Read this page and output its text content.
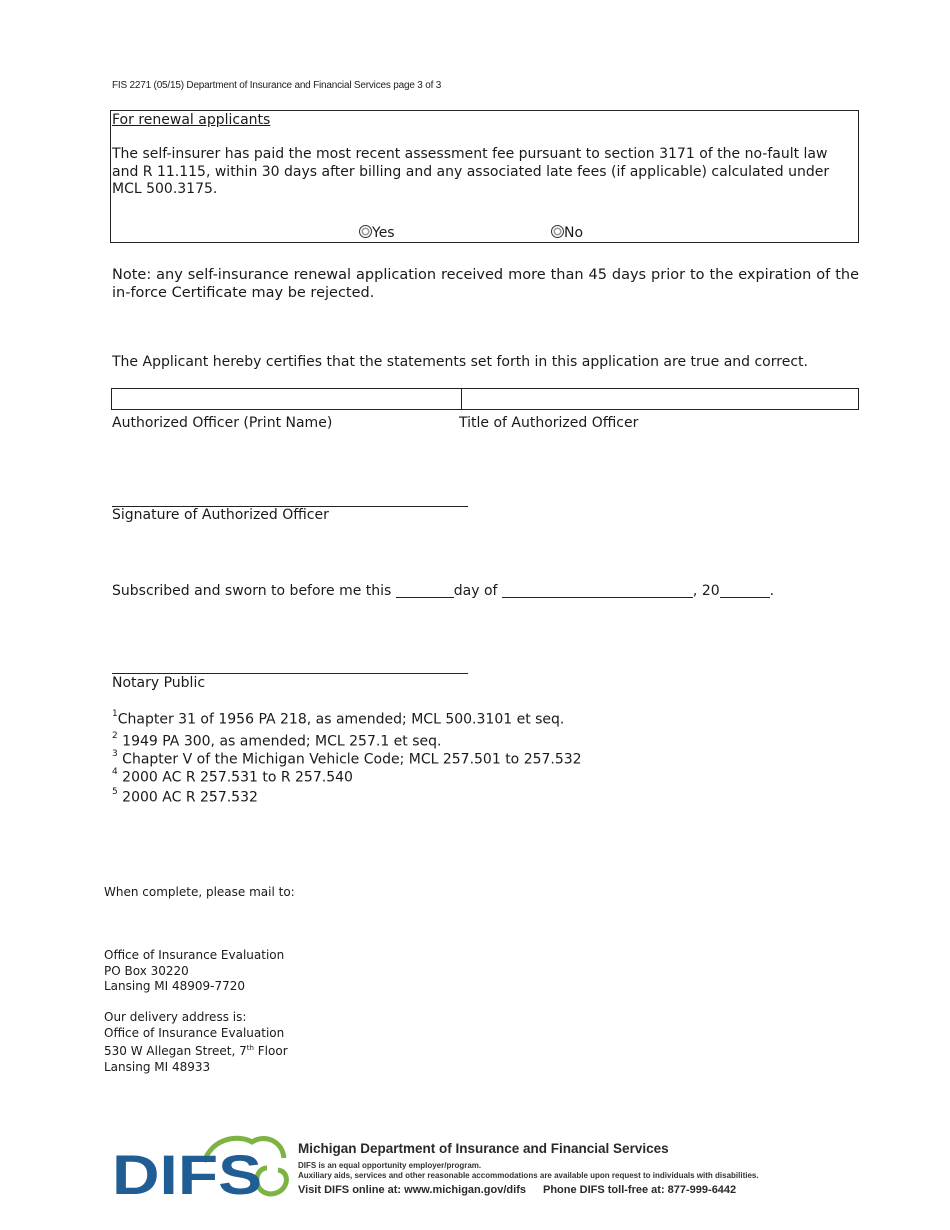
FIS 2271 (05/15) Department of Insurance and Financial Services page 3 of 3
For renewal applicants
The self-insurer has paid the most recent assessment fee pursuant to section 3171 of the no-fault law and R 11.115, within 30 days after billing and any associated late fees (if applicable) calculated under MCL 500.3175.
Yes	No
Note: any self-insurance renewal application received more than 45 days prior to the expiration of the in-force Certificate may be rejected.
The Applicant hereby certifies that the statements set forth in this application are true and correct.
Authorized Officer (Print Name)	Title of Authorized Officer
Signature of Authorized Officer
Subscribed and sworn to before me this	day of	, 20	.
Notary Public
$^1$Chapter 31 of 1956 PA 218, as amended; MCL 500.3101 et seq.
$^2$ 1949 PA 300, as amended; MCL 257.1 et seq.
$^3$ Chapter V of the Michigan Vehicle Code; MCL 257.501 to 257.532
$^4$ 2000 AC R 257.531 to R 257.540
$^5$ 2000 AC R 257.532
When complete, please mail to:
Office of Insurance Evaluation
PO Box 30220
Lansing MI 48909-7720
Our delivery address is:
Office of Insurance Evaluation
530 W Allegan Street, 7th Floor
Lansing MI 48933
DIFS	Michigan Department of Insurance and Financial Services
DIFS is an equal opportunity employer/program.
Auxiliary aids, services and other reasonable accommodations are available upon request to individuals with disabilities.
Visit DIFS online at: www.michigan.gov/difs Phone DIFS toll-free at: 877-999-6442
